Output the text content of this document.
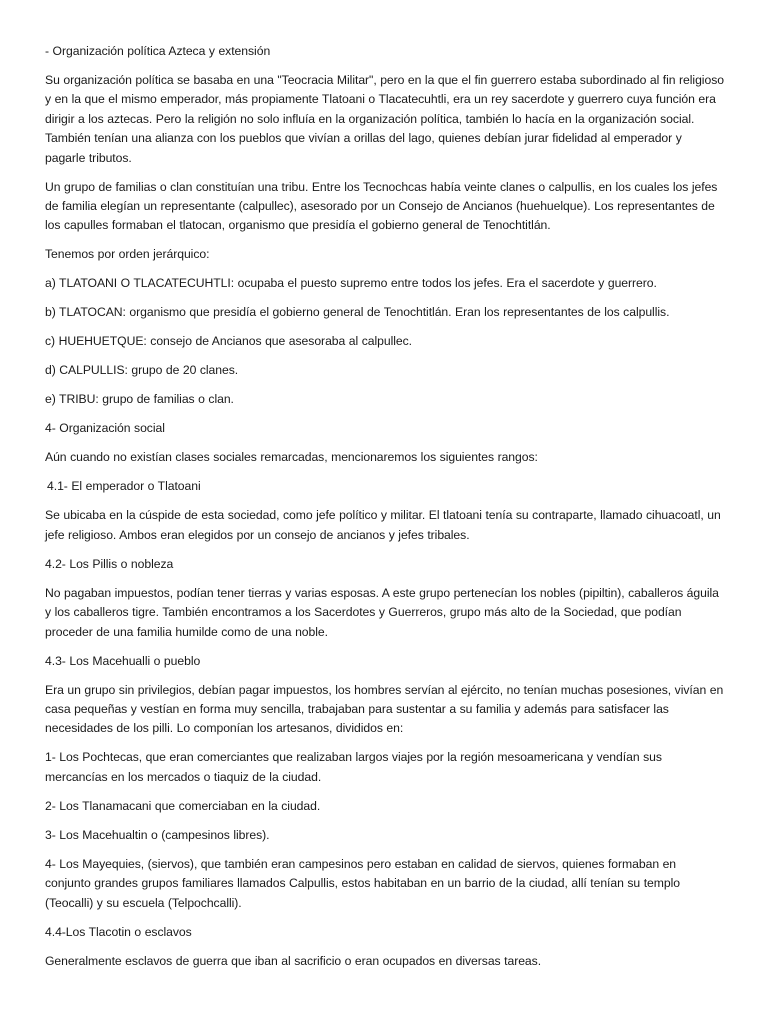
- Organización política Azteca y extensión

Su organización política se basaba en una "Teocracia Militar", pero en la que el fin guerrero estaba subordinado al fin religioso y en la que el mismo emperador, más propiamente Tlatoani o Tlacatecuhtli, era un rey sacerdote y guerrero cuya función era dirigir a los aztecas. Pero la religión no solo influía en la organización política, también lo hacía en la organización social. También tenían una alianza con los pueblos que vivían a orillas del lago, quienes debían jurar fidelidad al emperador y pagarle tributos.

Un grupo de familias o clan constituían una tribu. Entre los Tecnochcas había veinte clanes o calpullis, en los cuales los jefes de familia elegían un representante (calpullec), asesorado por un Consejo de Ancianos (huehuelque). Los representantes de los capulles formaban el tlatocan, organismo que presidía el gobierno general de Tenochtitlán.

Tenemos por orden jerárquico:

a) TLATOANI O TLACATECUHTLI: ocupaba el puesto supremo entre todos los jefes. Era el sacerdote y guerrero.

b) TLATOCAN: organismo que presidía el gobierno general de Tenochtitlán. Eran los representantes de los calpullis.

c) HUEHUETQUE: consejo de Ancianos que asesoraba al calpullec.

d) CALPULLIS: grupo de 20 clanes.

e) TRIBU: grupo de familias o clan.

4- Organización social

Aún cuando no existían clases sociales remarcadas, mencionaremos los siguientes rangos:

4.1- El emperador o Tlatoani

Se ubicaba en la cúspide de esta sociedad, como jefe político y militar. El tlatoani tenía su contraparte, llamado cihuacoatl, un jefe religioso. Ambos eran elegidos por un consejo de ancianos y jefes tribales.

4.2- Los Pillis o nobleza

No pagaban impuestos, podían tener tierras y varias esposas. A este grupo pertenecían los nobles (pipiltin), caballeros águila y los caballeros tigre. También encontramos a los Sacerdotes y Guerreros, grupo más alto de la Sociedad, que podían proceder de una familia humilde como de una noble.

4.3- Los Macehualli o pueblo

Era un grupo sin privilegios, debían pagar impuestos, los hombres servían al ejército, no tenían muchas posesiones, vivían en casa pequeñas y vestían en forma muy sencilla, trabajaban para sustentar a su familia y además para satisfacer las necesidades de los pilli. Lo componían los artesanos, divididos en:

1- Los Pochtecas, que eran comerciantes que realizaban largos viajes por la región mesoamericana y vendían sus mercancías en los mercados o tiaquiz de la ciudad.

2- Los Tlanamacani que comerciaban en la ciudad.

3- Los Macehualtin o (campesinos libres).

4- Los Mayequies, (siervos), que también eran campesinos pero estaban en calidad de siervos, quienes formaban en conjunto grandes grupos familiares llamados Calpullis, estos habitaban en un barrio de la ciudad, allí tenían su templo (Teocalli) y su escuela (Telpochcalli).

4.4-Los Tlacotin o esclavos

Generalmente esclavos de guerra que iban al sacrificio o eran ocupados en diversas tareas.
